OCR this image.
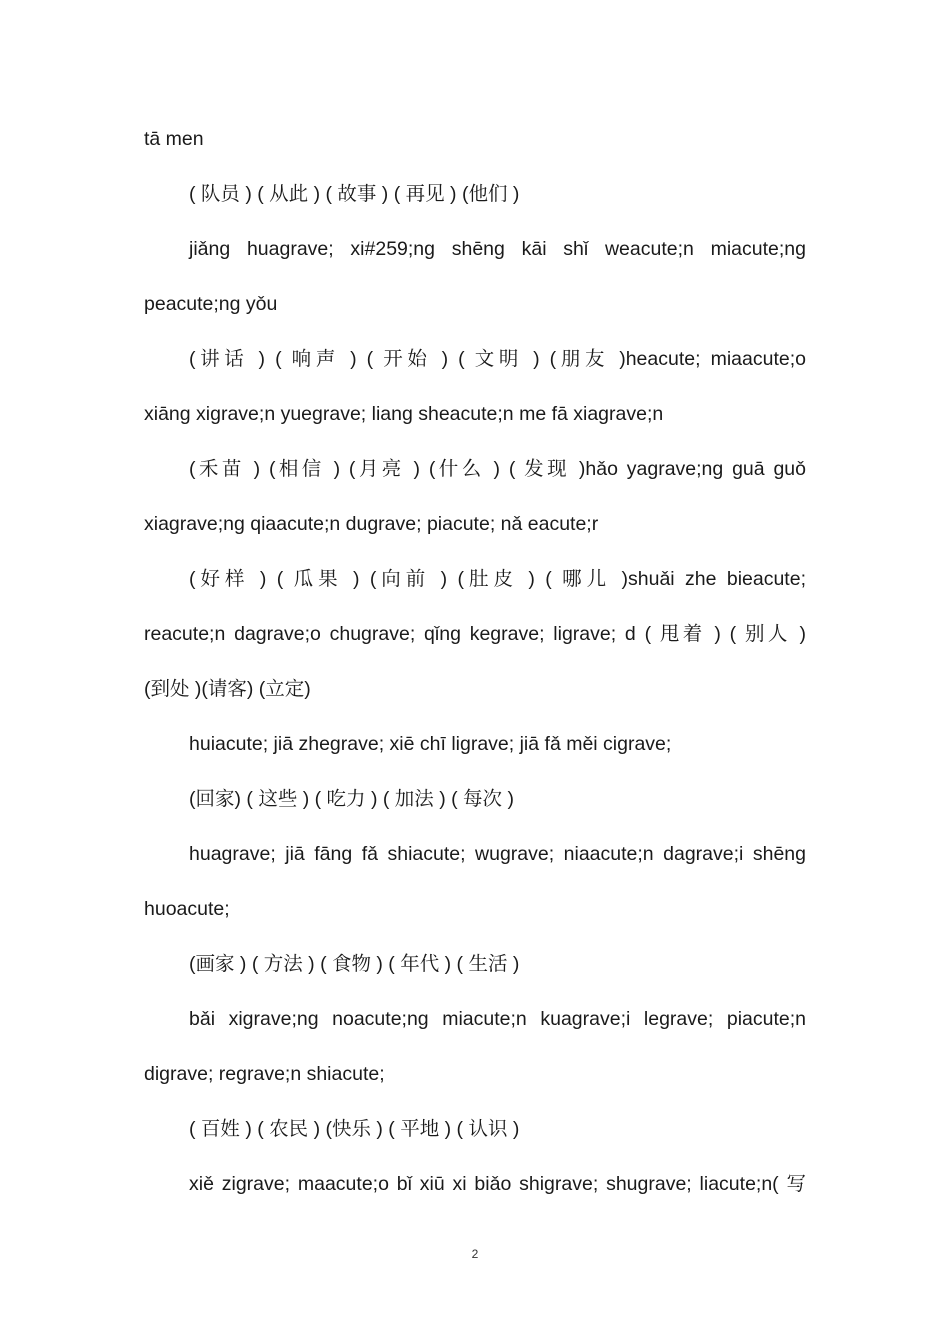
tā men
( 队员 ) ( 从此 ) ( 故事 ) ( 再见 ) (他们 )
jiǎng huagrave; xi#259;ng shēng kāi shǐ weacute;n miacute;ng
peacute;ng yǒu
(讲话 ) ( 响声 ) ( 开始 ) ( 文明 ) (朋友 )heacute; miaacute;o
xiāng xigrave;n yuegrave; liang sheacute;n me fā xiagrave;n
(禾苗 ) (相信 ) (月亮 ) (什么 ) ( 发现 )hǎo yagrave;ng guā guǒ
xiagrave;ng qiaacute;n dugrave; piacute; nǎ eacute;r
(好样 ) ( 瓜果 ) (向前 ) (肚皮 ) ( 哪儿 )shuǎi zhe bieacute;
reacute;n dagrave;o chugrave; qǐng kegrave; ligrave; d ( 甩着 ) ( 别人 )
(到处 )(请客) (立定)
huiacute; jiā zhegrave; xiē chī ligrave; jiā fǎ měi cigrave;
(回家) ( 这些 ) ( 吃力 ) ( 加法 ) ( 每次 )
huagrave; jiā fāng fǎ shiacute; wugrave; niaacute;n dagrave;i shēng
huoacute;
(画家 ) ( 方法 ) ( 食物 ) ( 年代 ) ( 生活 )
bǎi xigrave;ng noacute;ng miacute;n kuagrave;i legrave; piacute;n
digrave; regrave;n shiacute;
( 百姓 ) ( 农民 ) (快乐 ) ( 平地 ) ( 认识 )
xiě zigrave; maacute;o bǐ xiū xi biǎo shigrave; shugrave; liacute;n( 写
2
